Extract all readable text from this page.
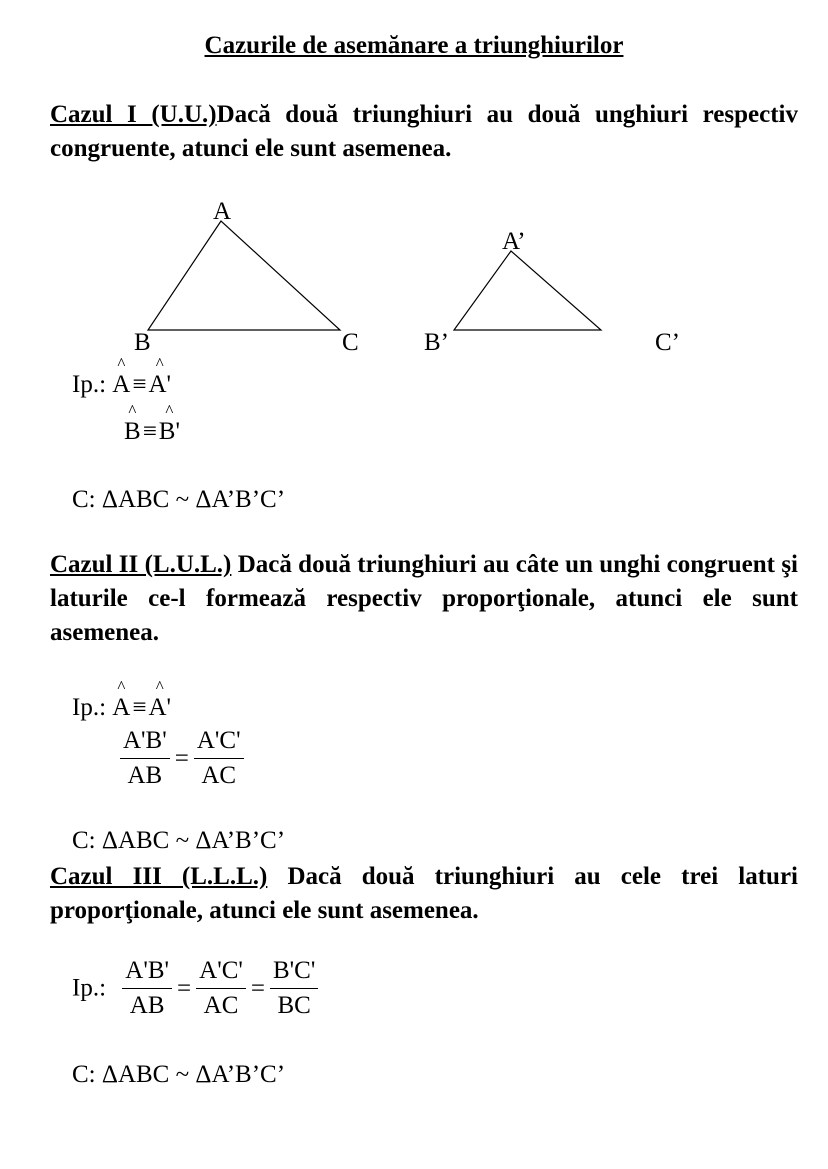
Cazurile de asemănare a triunghiurilor
Cazul I (U.U.)Dacă două triunghiuri au două unghiuri respectiv congruente, atunci ele sunt asemenea.
A
B	C
A’
B’	C’
Ip.: ^ A≡^ A'
^ B≡^ B'
C: ΔABC ~ ΔA’B’C’
Cazul II (L.U.L.) Dacă două triunghiuri au câte un unghi congruent şi laturile ce-l formează respectiv proporţionale, atunci ele sunt asemenea.
Ip.: ^ A≡^ A'
$\frac{A'B'}{AB} = \frac{A'C'}{AC}$
C: ΔABC ~ ΔA’B’C’
Cazul III (L.L.L.) Dacă două triunghiuri au cele trei laturi proporţionale, atunci ele sunt asemenea.
Ip.: $\frac{A'B'}{AB} = \frac{A'C'}{AC} = \frac{B'C'}{BC}$
C: ΔABC ~ ΔA’B’C’
